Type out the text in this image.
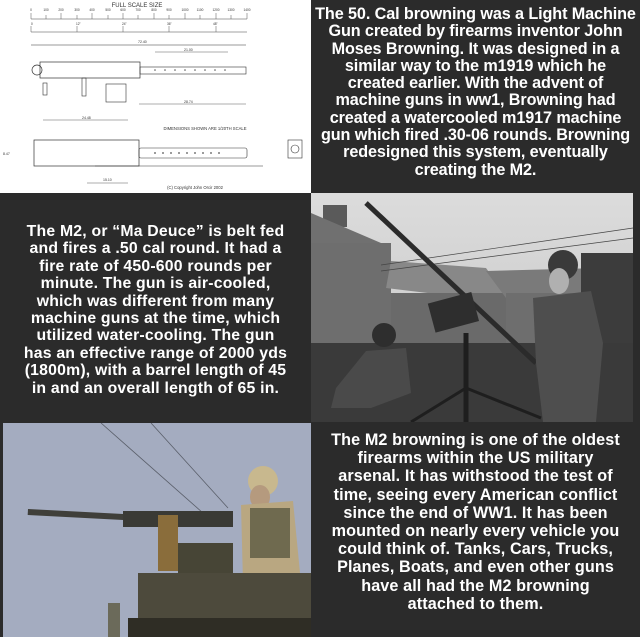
FULL SCALE SIZE
0	100	200	300	400	500	600	700	800	900	1000	1100	1200 1300	1400
0	12"	24"	36"	48"
72.40
21.00
28.74
DIMENSIONS SHOWN ARE 1/20TH SCALE
24.48
15.10
8.47
(C) Copyright John Orcir 2002

The 50. Cal browning was a Light Machine Gun created by firearms inventor John Moses Browning. It was designed in a similar way to the m1919 which he created earlier. With the advent of machine guns in ww1, Browning had created a watercooled m1917 machine gun which fired .30-06 rounds. Browning redesigned this system, eventually creating the M2.

The M2, or “Ma Deuce” is belt fed and fires a .50 cal round. It had a fire rate of 450-600 rounds per minute. The gun is air-cooled, which was different from many machine guns at the time, which utilized water-cooling. The gun has an effective range of 2000 yds (1800m), with a barrel length of 45 in and an overall length of 65 in.

The M2 browning is one of the oldest firearms within the US military arsenal. It has withstood the test of time, seeing every American conflict since the end of WW1. It has been mounted on nearly every vehicle you could think of. Tanks, Cars, Trucks, Planes, Boats, and even other guns have all had the M2 browning attached to them.
